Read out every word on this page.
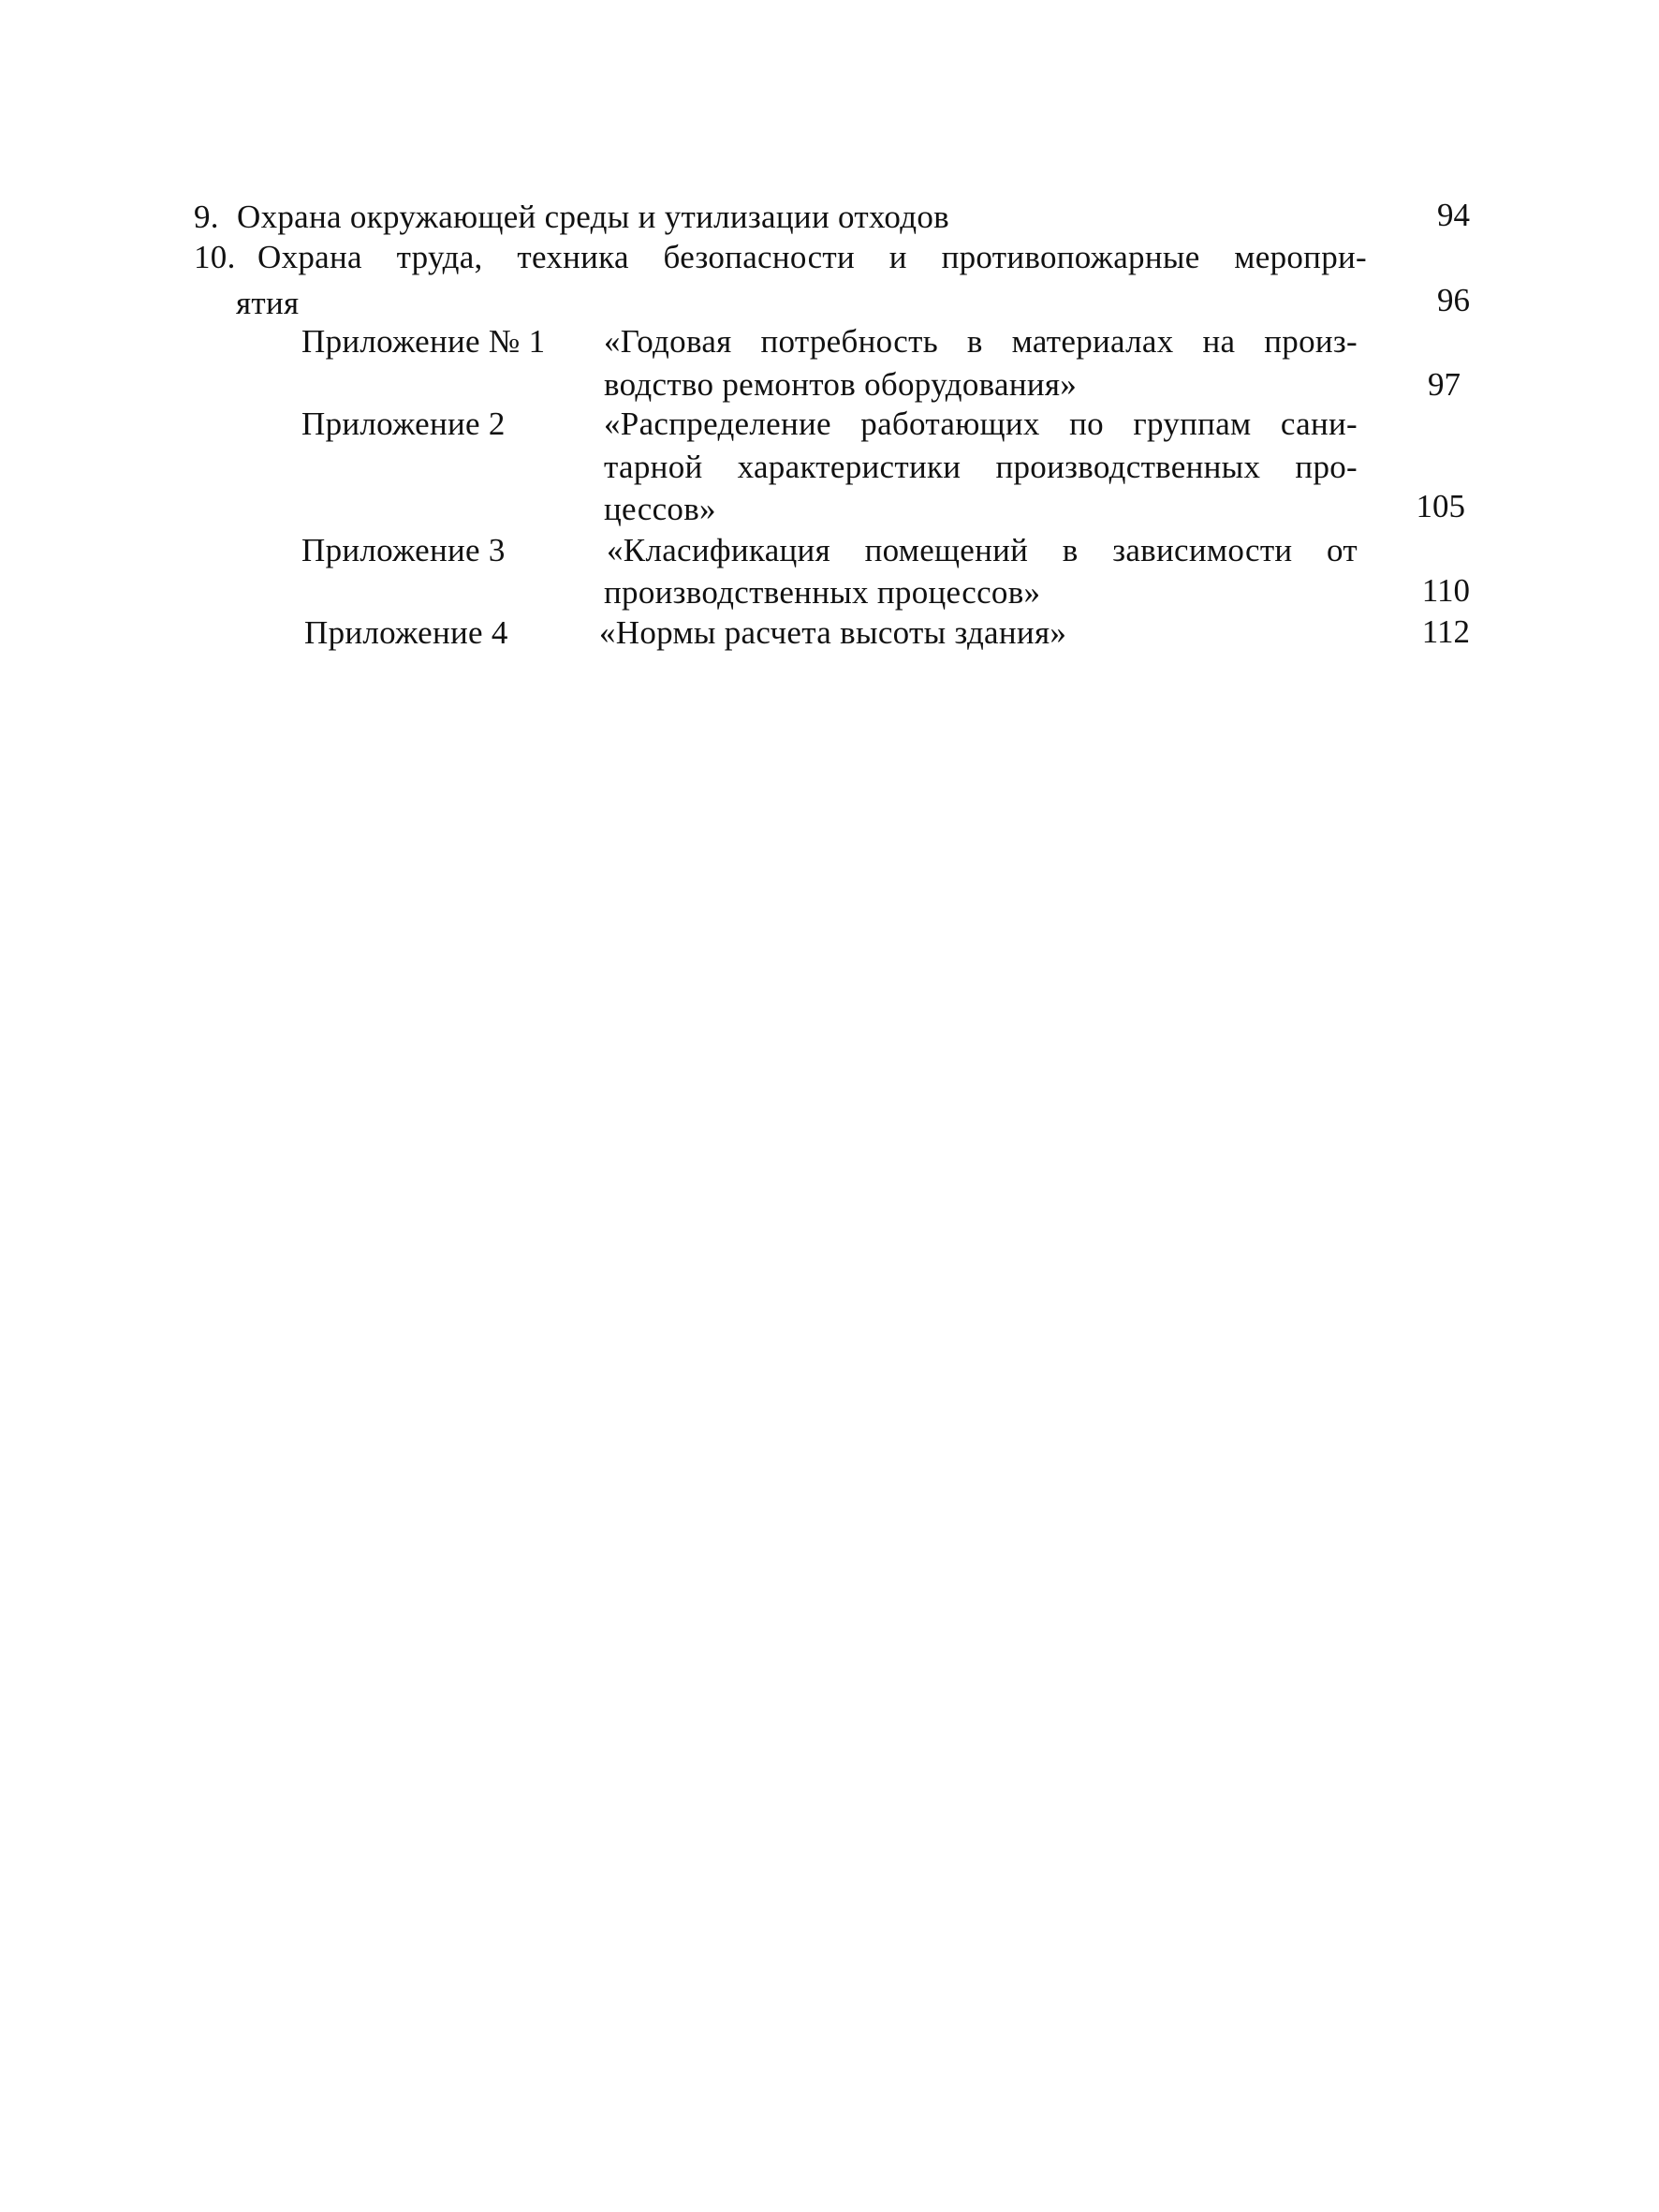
9. Охрана окружающей среды и утилизации отходов	94
10. Охрана труда, техника безопасности и противопожарные меропри-
ятия	96
Приложение № 1 «Годовая потребность в материалах на произ-
водство ремонтов оборудования»	97
Приложение 2	«Распределение работающих по группам сани-
тарной характеристики производственных про-
цессов»	105
Приложение 3	«Класификация помещений в зависимости от
производственных процессов»	110
Приложение 4	«Нормы расчета высоты здания»	112
